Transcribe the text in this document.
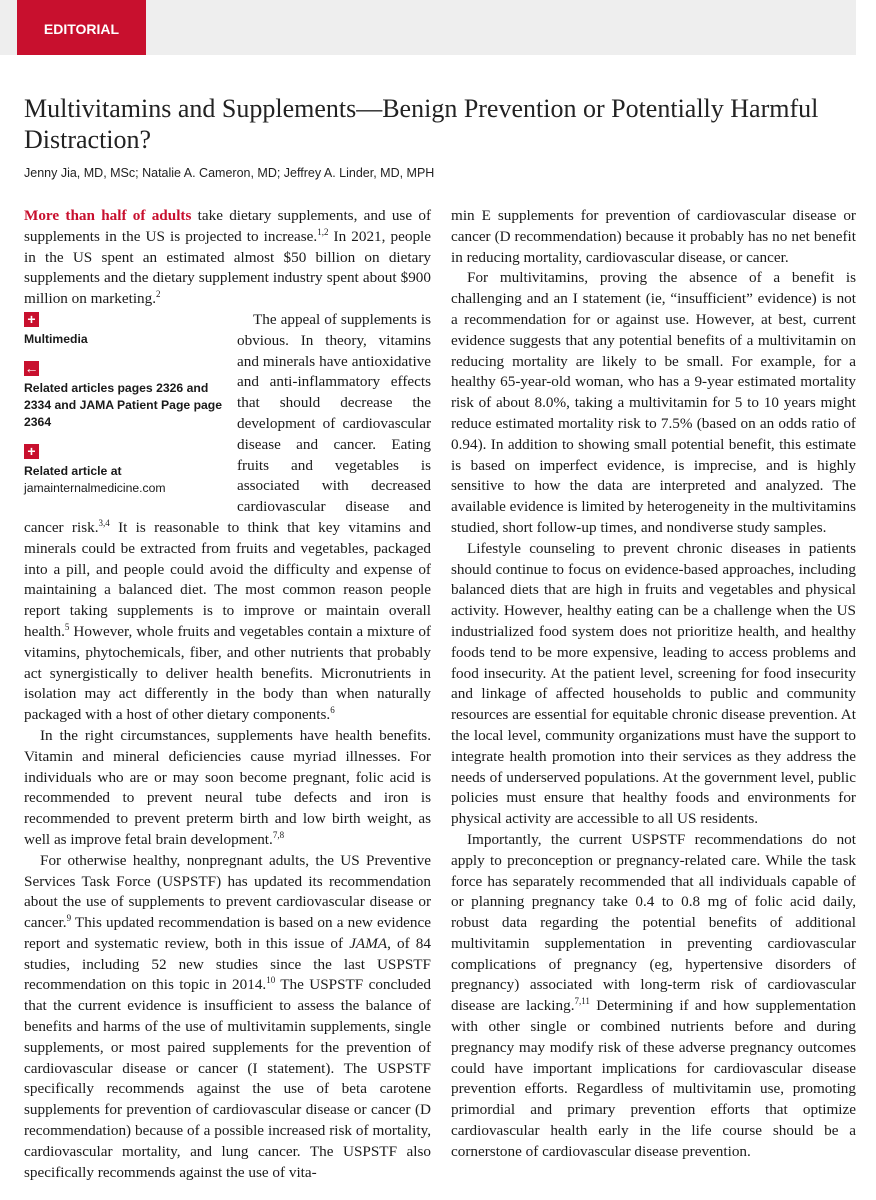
EDITORIAL
Multivitamins and Supplements—Benign Prevention or Potentially Harmful Distraction?
Jenny Jia, MD, MSc; Natalie A. Cameron, MD; Jeffrey A. Linder, MD, MPH

More than half of adults take dietary supplements, and use of supplements in the US is projected to increase.$^{1,2}$ In 2021, people in the US spent an estimated almost $50 billion on dietary supplements and the dietary supplement industry spent about $900 million on marketing.$^2$

+
Multimedia
←
Related articles pages 2326 and 2334 and JAMA Patient Page page 2364
+
Related article at
jamainternalmedicine.com

The appeal of supplements is obvious. In theory, vitamins and minerals have antioxidative and anti-inflammatory effects that should decrease the development of cardiovascular disease and cancer. Eating fruits and vegetables is associated with decreased cardiovascular disease and cancer risk.$^{3,4}$ It is reasonable to think that key vitamins and minerals could be extracted from fruits and vegetables, packaged into a pill, and people could avoid the difficulty and expense of maintaining a balanced diet. The most common reason people report taking supplements is to improve or maintain overall health.$^5$ However, whole fruits and vegetables contain a mixture of vitamins, phytochemicals, fiber, and other nutrients that probably act synergistically to deliver health benefits. Micronutrients in isolation may act differently in the body than when naturally packaged with a host of other dietary components.$^6$

In the right circumstances, supplements have health benefits. Vitamin and mineral deficiencies cause myriad illnesses. For individuals who are or may soon become pregnant, folic acid is recommended to prevent neural tube defects and iron is recommended to prevent preterm birth and low birth weight, as well as improve fetal brain development.$^{7,8}$

For otherwise healthy, nonpregnant adults, the US Preventive Services Task Force (USPSTF) has updated its recommendation about the use of supplements to prevent cardiovascular disease or cancer.$^9$ This updated recommendation is based on a new evidence report and systematic review, both in this issue of JAMA, of 84 studies, including 52 new studies since the last USPSTF recommendation on this topic in 2014.10 The USPSTF concluded that the current evidence is insufficient to assess the balance of benefits and harms of the use of multivitamin supplements, single supplements, or most paired supplements for the prevention of cardiovascular disease or cancer (I statement). The USPSTF specifically recommends against the use of beta carotene supplements for prevention of cardiovascular disease or cancer (D recommendation) because of a possible increased risk of mortality, cardiovascular mortality, and lung cancer. The USPSTF also specifically recommends against the use of vita-

min E supplements for prevention of cardiovascular disease or cancer (D recommendation) because it probably has no net benefit in reducing mortality, cardiovascular disease, or cancer.

For multivitamins, proving the absence of a benefit is challenging and an I statement (ie, “insufficient” evidence) is not a recommendation for or against use. However, at best, current evidence suggests that any potential benefits of a multivitamin on reducing mortality are likely to be small. For example, for a healthy 65-year-old woman, who has a 9-year estimated mortality risk of about 8.0%, taking a multivitamin for 5 to 10 years might reduce estimated mortality risk to 7.5% (based on an odds ratio of 0.94). In addition to showing small potential benefit, this estimate is based on imperfect evidence, is imprecise, and is highly sensitive to how the data are interpreted and analyzed. The available evidence is limited by heterogeneity in the multivitamins studied, short follow-up times, and nondiverse study samples.

Lifestyle counseling to prevent chronic diseases in patients should continue to focus on evidence-based approaches, including balanced diets that are high in fruits and vegetables and physical activity. However, healthy eating can be a challenge when the US industrialized food system does not prioritize health, and healthy foods tend to be more expensive, leading to access problems and food insecurity. At the patient level, screening for food insecurity and linkage of affected households to public and community resources are essential for equitable chronic disease prevention. At the local level, community organizations must have the support to integrate health promotion into their services as they address the needs of underserved populations. At the government level, public policies must ensure that healthy foods and environments for physical activity are accessible to all US residents.

Importantly, the current USPSTF recommendations do not apply to preconception or pregnancy-related care. While the task force has separately recommended that all individuals capable of or planning pregnancy take 0.4 to 0.8 mg of folic acid daily, robust data regarding the potential benefits of additional multivitamin supplementation in preventing cardiovascular complications of pregnancy (eg, hypertensive disorders of pregnancy) associated with long-term risk of cardiovascular disease are lacking.$^{7,11}$ Determining if and how supplementation with other single or combined nutrients before and during pregnancy may modify risk of these adverse pregnancy outcomes could have important implications for cardiovascular disease prevention efforts. Regardless of multivitamin use, promoting primordial and primary prevention efforts that optimize cardiovascular health early in the life course should be a cornerstone of cardiovascular disease prevention.
